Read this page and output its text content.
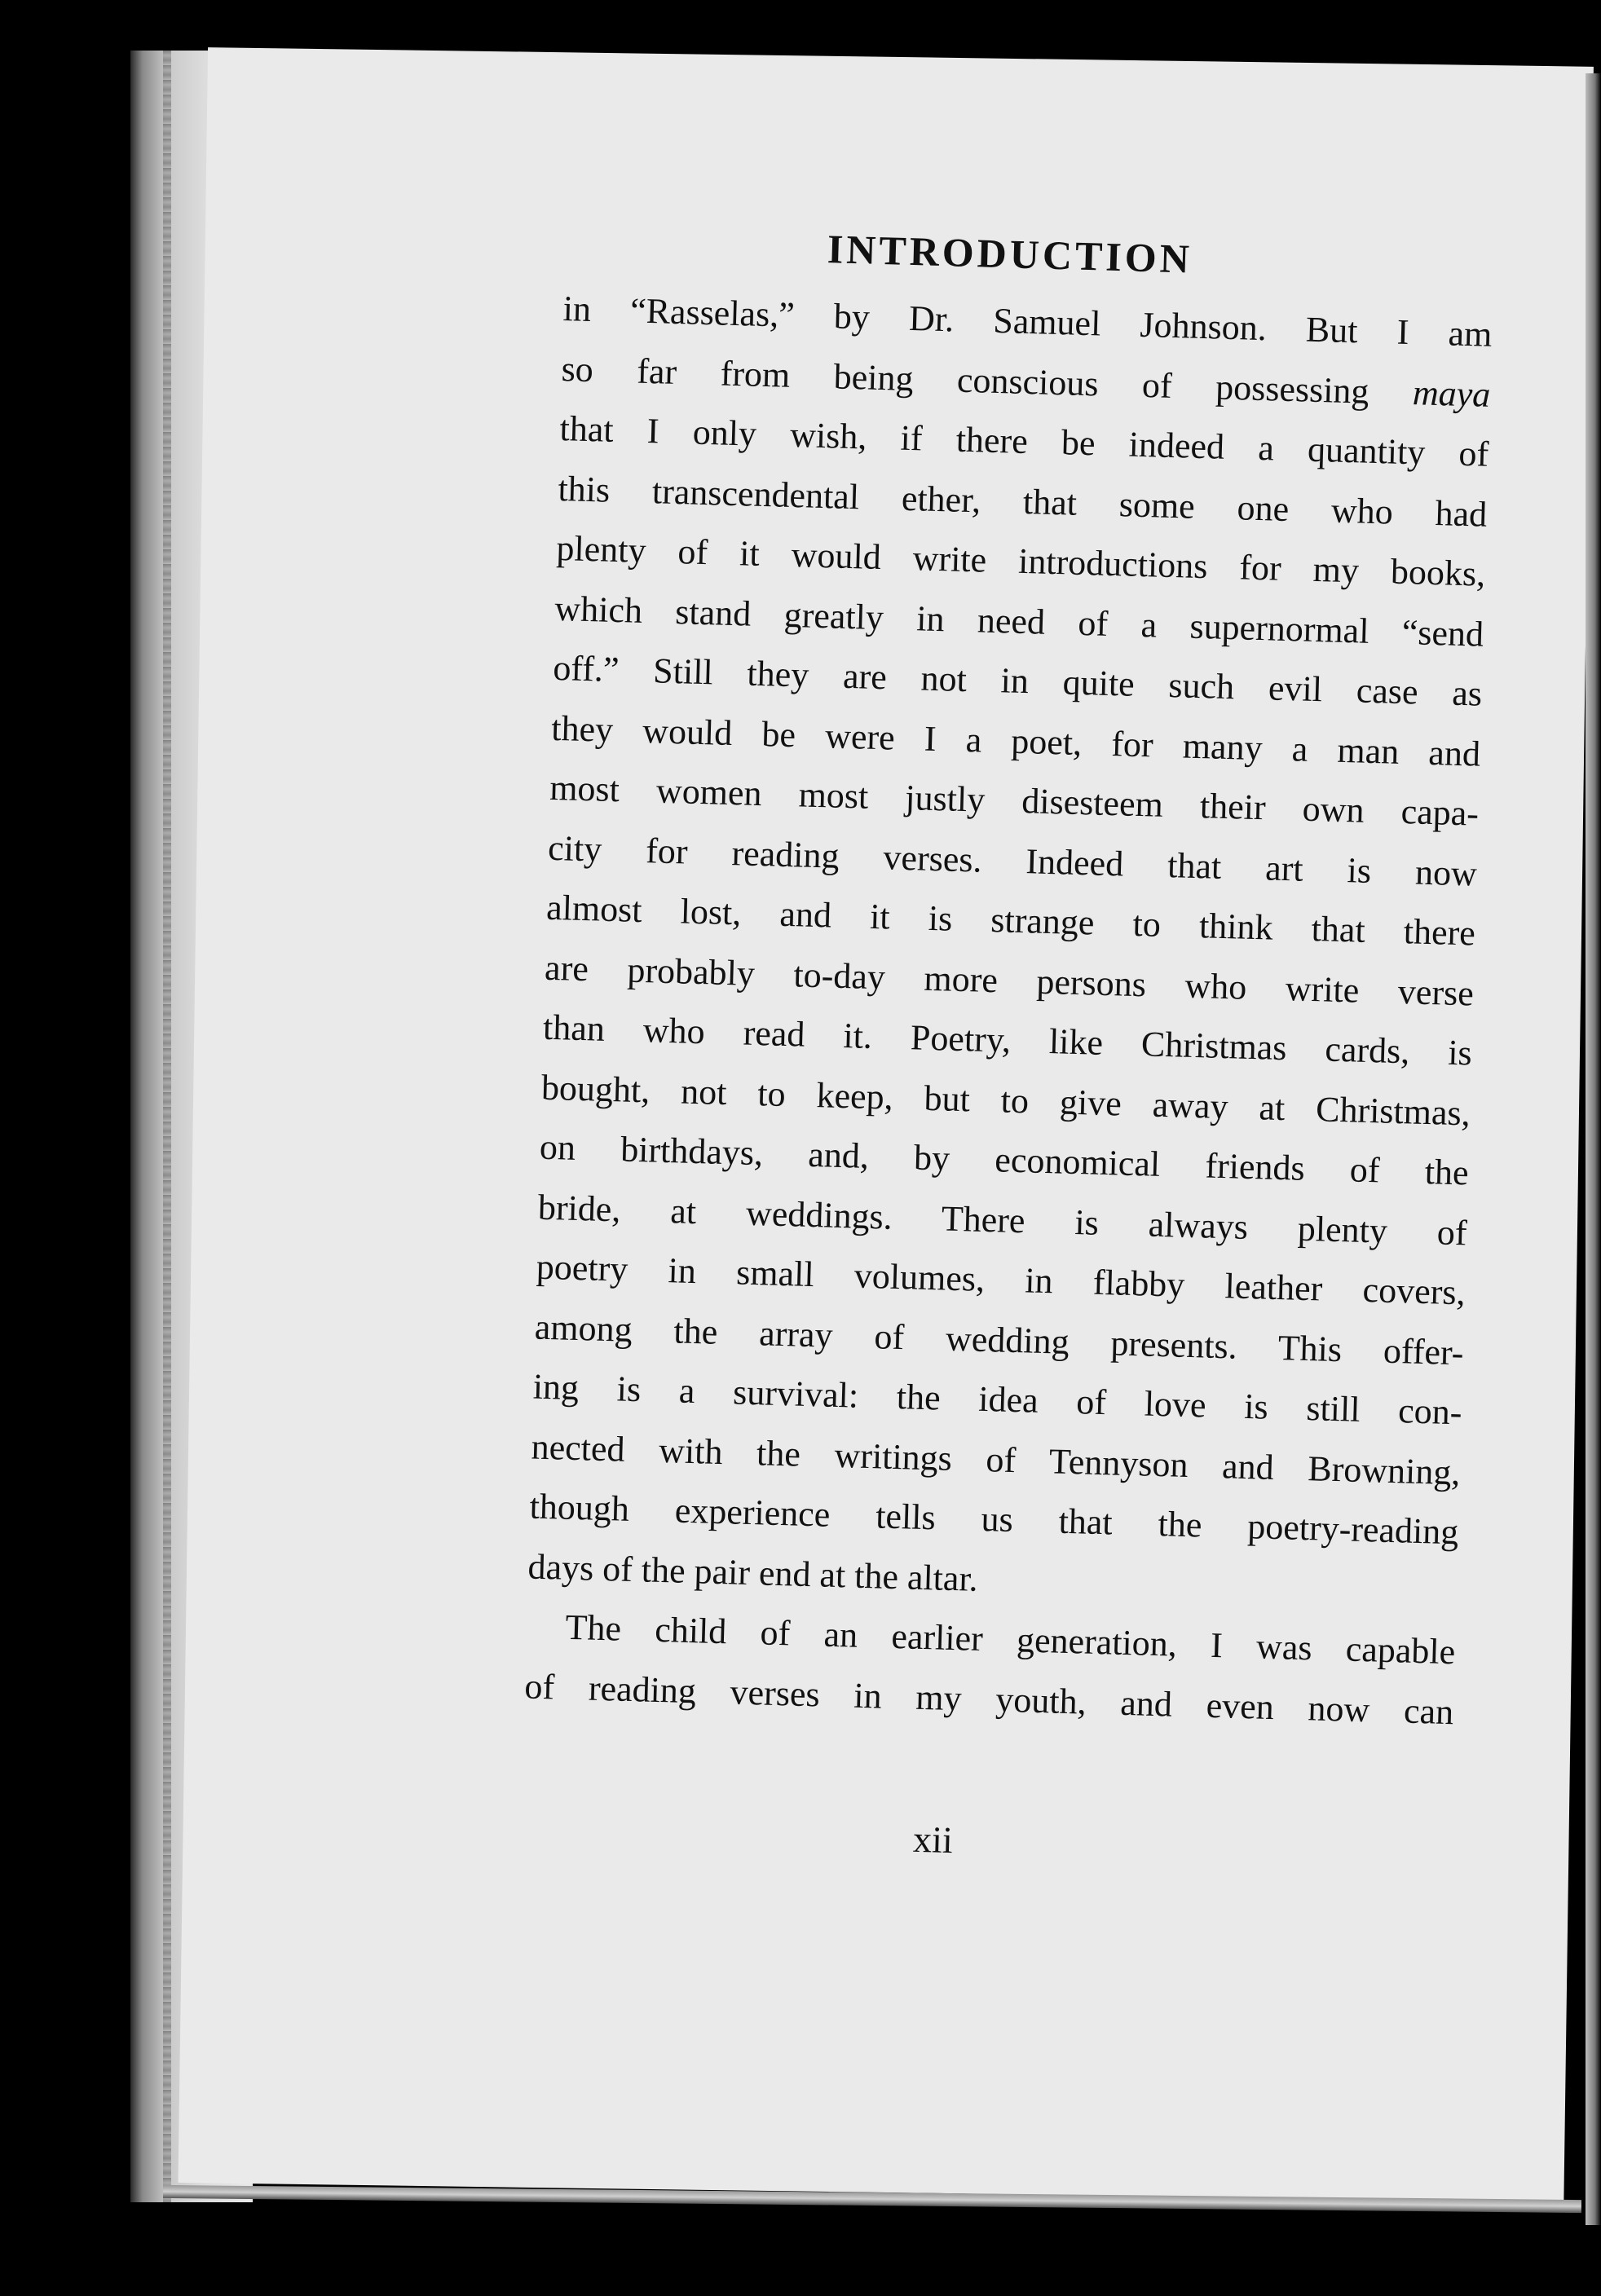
INTRODUCTION
in “Rasselas,” by Dr. Samuel Johnson. But I am
so far from being conscious of possessing maya
that I only wish, if there be indeed a quantity of
this transcendental ether, that some one who had
plenty of it would write introductions for my books,
which stand greatly in need of a supernormal “send
off.” Still they are not in quite such evil case as
they would be were I a poet, for many a man and
most women most justly disesteem their own capa-
city for reading verses. Indeed that art is now
almost lost, and it is strange to think that there
are probably to-day more persons who write verse
than who read it. Poetry, like Christmas cards, is
bought, not to keep, but to give away at Christmas,
on birthdays, and, by economical friends of the
bride, at weddings. There is always plenty of
poetry in small volumes, in flabby leather covers,
among the array of wedding presents. This offer-
ing is a survival: the idea of love is still con-
nected with the writings of Tennyson and Browning,
though experience tells us that the poetry-reading
days of the pair end at the altar.
The child of an earlier generation, I was capable
of reading verses in my youth, and even now can
xii
